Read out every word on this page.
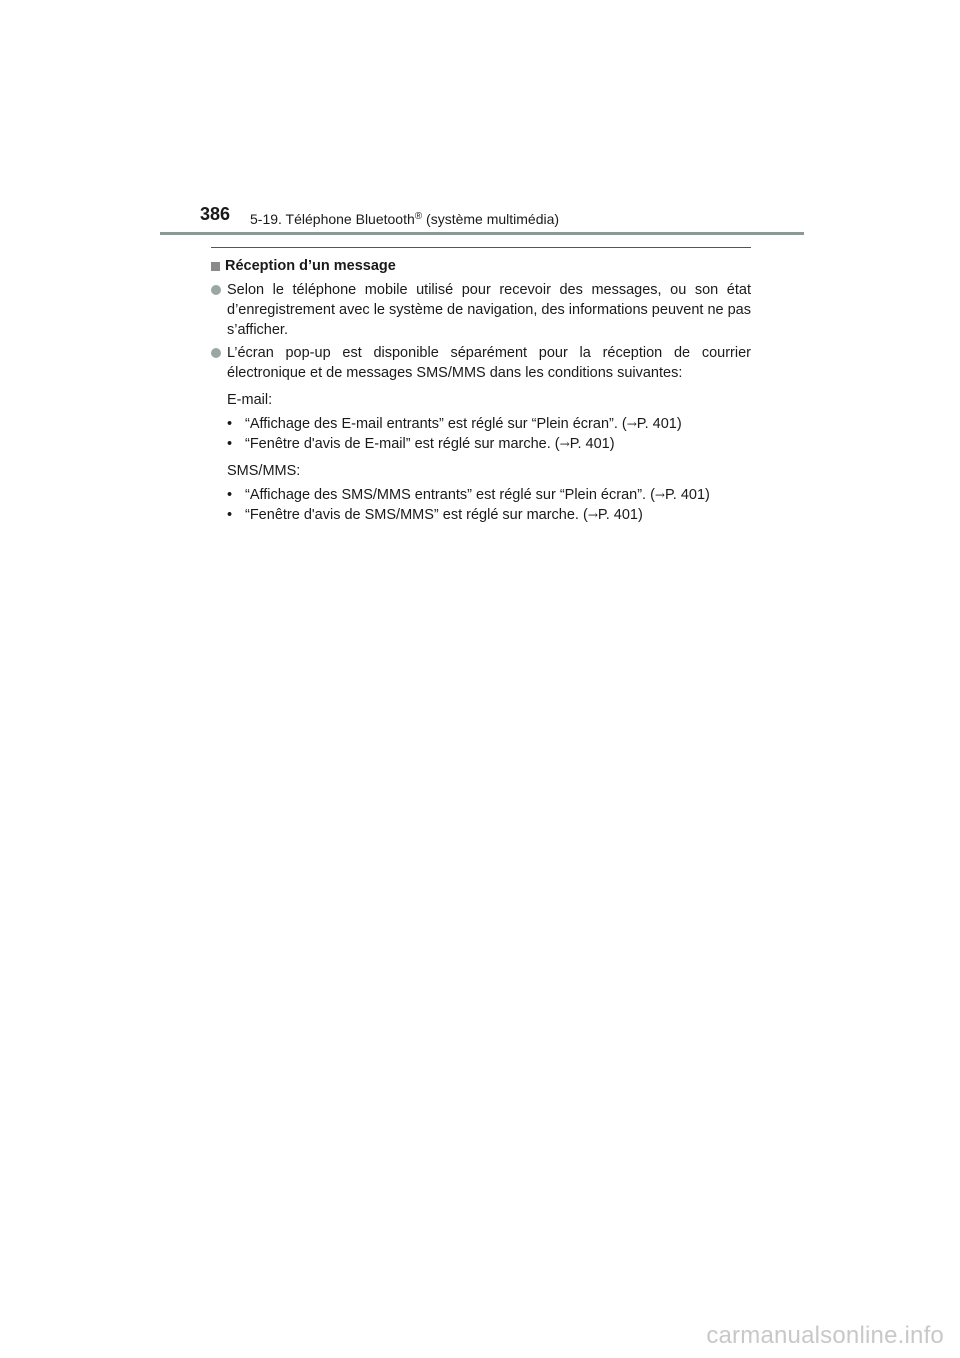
386 5-19. Téléphone Bluetooth® (système multimédia)
Réception d’un message

Selon le téléphone mobile utilisé pour recevoir des messages, ou son état d’enregistrement avec le système de navigation, des informations peuvent ne pas s’afficher.

L’écran pop-up est disponible séparément pour la réception de courrier électronique et de messages SMS/MMS dans les conditions suivantes:

E-mail:
• “Affichage des E-mail entrants” est réglé sur “Plein écran”. (→P. 401)
• “Fenêtre d'avis de E-mail” est réglé sur marche. (→P. 401)
SMS/MMS:
• “Affichage des SMS/MMS entrants” est réglé sur “Plein écran”. (→P. 401)
• “Fenêtre d'avis de SMS/MMS” est réglé sur marche. (→P. 401)
carmanualsonline.info
